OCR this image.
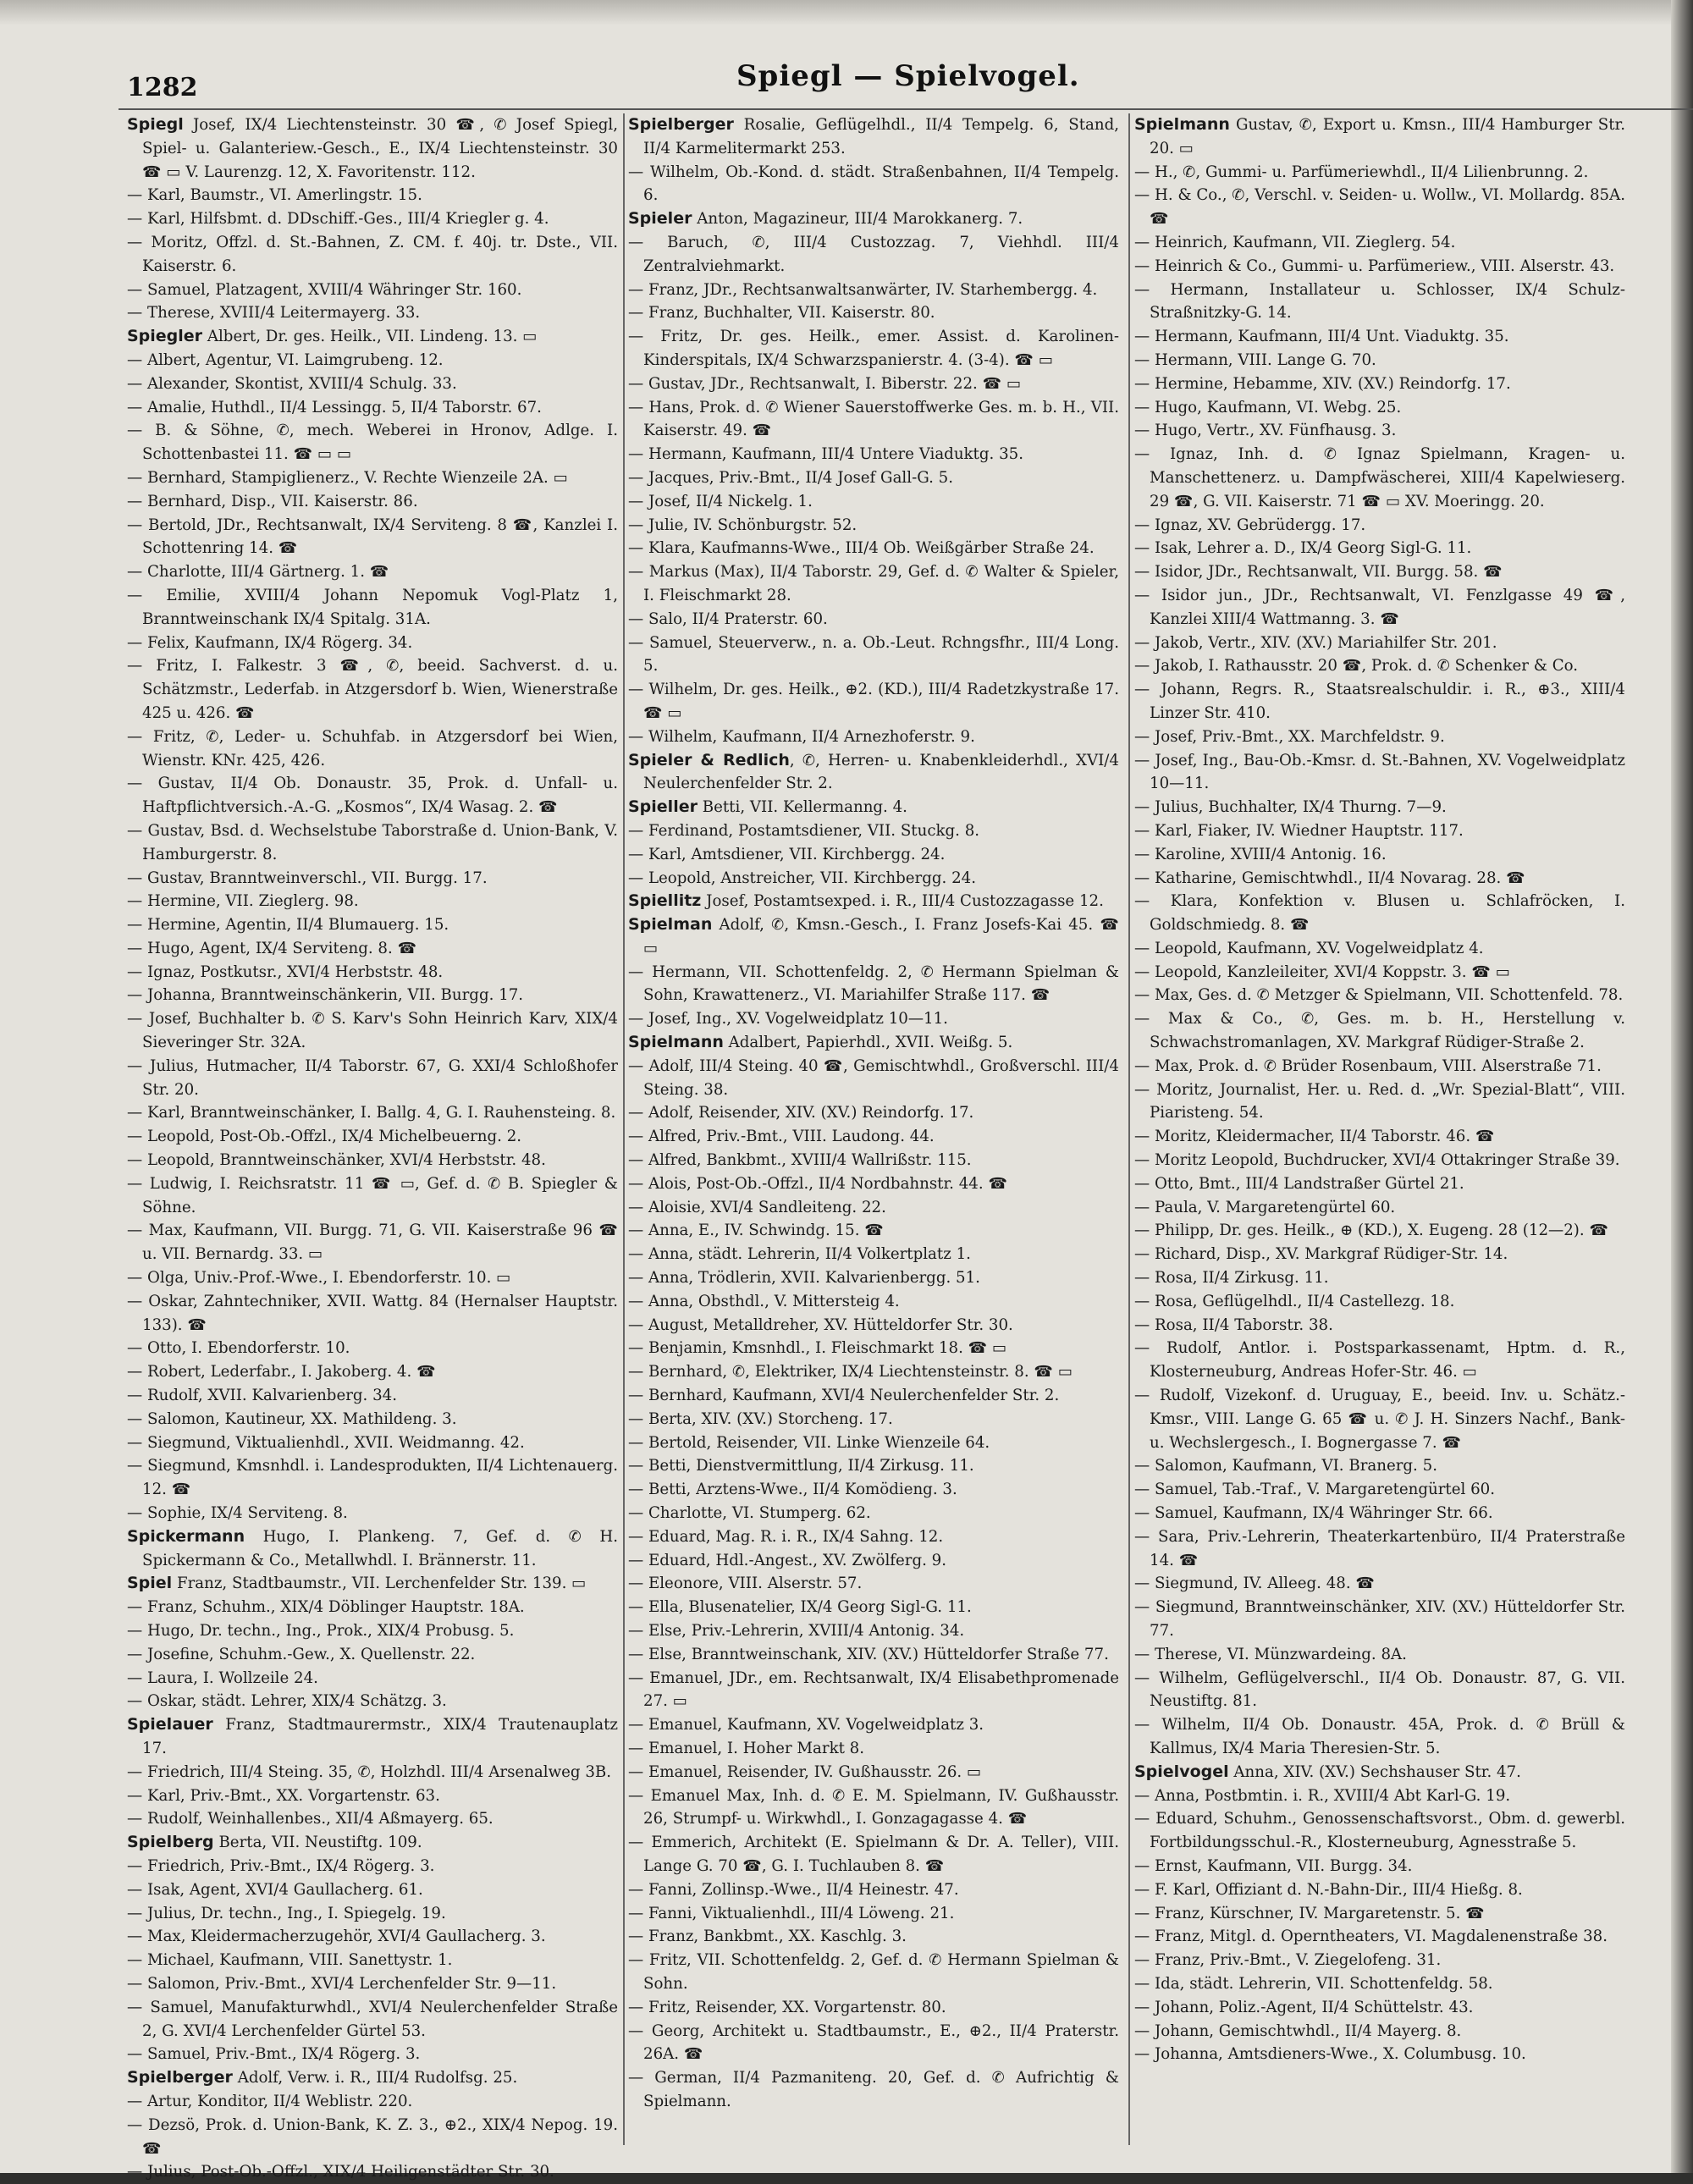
1282	Spiegl — Spielvogel.
Spiegl Josef, IX/4 Liechtensteinstr. 30 ☎, ✆ Josef Spiegl, Spiel- u. Galanteriew.-Gesch., E., IX/4 Liechtensteinstr. 30 ☎ ▭ V. Laurenzg. 12, X. Favoritenstr. 112.
— Karl, Baumstr., VI. Amerlingstr. 15.
— Karl, Hilfsbmt. d. DDschiff.-Ges., III/4 Kriegler g. 4.
— Moritz, Offzl. d. St.-Bahnen, Z. CM. f. 40j. tr. Dste., VII. Kaiserstr. 6.
— Samuel, Platzagent, XVIII/4 Währinger Str. 160.
— Therese, XVIII/4 Leitermayerg. 33.
Spiegler Albert, Dr. ges. Heilk., VII. Lindeng. 13. ▭
— Albert, Agentur, VI. Laimgrubeng. 12.
— Alexander, Skontist, XVIII/4 Schulg. 33.
— Amalie, Huthdl., II/4 Lessingg. 5, II/4 Taborstr. 67.
— B. & Söhne, ✆, mech. Weberei in Hronov, Adlge. I. Schottenbastei 11. ☎ ▭ ▭
— Bernhard, Stampiglienerz., V. Rechte Wienzeile 2A. ▭
— Bernhard, Disp., VII. Kaiserstr. 86.
— Bertold, JDr., Rechtsanwalt, IX/4 Serviteng. 8 ☎, Kanzlei I. Schottenring 14. ☎
— Charlotte, III/4 Gärtnerg. 1. ☎
— Emilie, XVIII/4 Johann Nepomuk Vogl-Platz 1, Branntweinschank IX/4 Spitalg. 31A.
— Felix, Kaufmann, IX/4 Rögerg. 34.
— Fritz, I. Falkestr. 3 ☎, ✆, beeid. Sachverst. d. u. Schätzmstr., Lederfab. in Atzgersdorf b. Wien, Wienerstraße 425 u. 426. ☎
— Fritz, ✆, Leder- u. Schuhfab. in Atzgersdorf bei Wien, Wienstr. KNr. 425, 426.
— Gustav, II/4 Ob. Donaustr. 35, Prok. d. Unfall- u. Haftpflichtversich.-A.-G. „Kosmos“, IX/4 Wasag. 2. ☎
— Gustav, Bsd. d. Wechselstube Taborstraße d. Union-Bank, V. Hamburgerstr. 8.
— Gustav, Branntweinverschl., VII. Burgg. 17.
— Hermine, VII. Zieglerg. 98.
— Hermine, Agentin, II/4 Blumauerg. 15.
— Hugo, Agent, IX/4 Serviteng. 8. ☎
— Ignaz, Postkutsr., XVI/4 Herbststr. 48.
— Johanna, Branntweinschänkerin, VII. Burgg. 17.
— Josef, Buchhalter b. ✆ S. Karv's Sohn Heinrich Karv, XIX/4 Sieveringer Str. 32A.
— Julius, Hutmacher, II/4 Taborstr. 67, G. XXI/4 Schloßhofer Str. 20.
— Karl, Branntweinschänker, I. Ballg. 4, G. I. Rauhensteing. 8.
— Leopold, Post-Ob.-Offzl., IX/4 Michelbeuerng. 2.
— Leopold, Branntweinschänker, XVI/4 Herbststr. 48.
— Ludwig, I. Reichsratstr. 11 ☎ ▭, Gef. d. ✆ B. Spiegler & Söhne.
— Max, Kaufmann, VII. Burgg. 71, G. VII. Kaiserstraße 96 ☎ u. VII. Bernardg. 33. ▭
— Olga, Univ.-Prof.-Wwe., I. Ebendorferstr. 10. ▭
— Oskar, Zahntechniker, XVII. Wattg. 84 (Hernalser Hauptstr. 133). ☎
— Otto, I. Ebendorferstr. 10.
— Robert, Lederfabr., I. Jakoberg. 4. ☎
— Rudolf, XVII. Kalvarienberg. 34.
— Salomon, Kautineur, XX. Mathildeng. 3.
— Siegmund, Viktualienhdl., XVII. Weidmanng. 42.
— Siegmund, Kmsnhdl. i. Landesprodukten, II/4 Lichtenauerg. 12. ☎
— Sophie, IX/4 Serviteng. 8.
Spickermann Hugo, I. Plankeng. 7, Gef. d. ✆ H. Spickermann & Co., Metallwhdl. I. Brännerstr. 11.
Spiel Franz, Stadtbaumstr., VII. Lerchenfelder Str. 139. ▭
— Franz, Schuhm., XIX/4 Döblinger Hauptstr. 18A.
— Hugo, Dr. techn., Ing., Prok., XIX/4 Probusg. 5.
— Josefine, Schuhm.-Gew., X. Quellenstr. 22.
— Laura, I. Wollzeile 24.
— Oskar, städt. Lehrer, XIX/4 Schätzg. 3.
Spielauer Franz, Stadtmaurermstr., XIX/4 Trautenauplatz 17.
— Friedrich, III/4 Steing. 35, ✆, Holzhdl. III/4 Arsenalweg 3B.
— Karl, Priv.-Bmt., XX. Vorgartenstr. 63.
— Rudolf, Weinhallenbes., XII/4 Aßmayerg. 65.
Spielberg Berta, VII. Neustiftg. 109.
— Friedrich, Priv.-Bmt., IX/4 Rögerg. 3.
— Isak, Agent, XVI/4 Gaullacherg. 61.
— Julius, Dr. techn., Ing., I. Spiegelg. 19.
— Max, Kleidermacherzugehör, XVI/4 Gaullacherg. 3.
— Michael, Kaufmann, VIII. Sanettystr. 1.
— Salomon, Priv.-Bmt., XVI/4 Lerchenfelder Str. 9—11.
— Samuel, Manufakturwhdl., XVI/4 Neulerchenfelder Straße 2, G. XVI/4 Lerchenfelder Gürtel 53.
— Samuel, Priv.-Bmt., IX/4 Rögerg. 3.
Spielberger Adolf, Verw. i. R., III/4 Rudolfsg. 25.
— Artur, Konditor, II/4 Weblistr. 220.
— Dezsö, Prok. d. Union-Bank, K. Z. 3., ⊕2., XIX/4 Nepog. 19. ☎
— Julius, Post-Ob.-Offzl., XIX/4 Heiligenstädter Str. 30.
Spielberger Rosalie, Geflügelhdl., II/4 Tempelg. 6, Stand, II/4 Karmelitermarkt 253.
— Wilhelm, Ob.-Kond. d. städt. Straßenbahnen, II/4 Tempelg. 6.
Spieler Anton, Magazineur, III/4 Marokkanerg. 7.
— Baruch, ✆, III/4 Custozzag. 7, Viehhdl. III/4 Zentralviehmarkt.
— Franz, JDr., Rechtsanwaltsanwärter, IV. Starhembergg. 4.
— Franz, Buchhalter, VII. Kaiserstr. 80.
— Fritz, Dr. ges. Heilk., emer. Assist. d. Karolinen-Kinderspitals, IX/4 Schwarzspanierstr. 4. (3-4). ☎ ▭
— Gustav, JDr., Rechtsanwalt, I. Biberstr. 22. ☎ ▭
— Hans, Prok. d. ✆ Wiener Sauerstoffwerke Ges. m. b. H., VII. Kaiserstr. 49. ☎
— Hermann, Kaufmann, III/4 Untere Viaduktg. 35.
— Jacques, Priv.-Bmt., II/4 Josef Gall-G. 5.
— Josef, II/4 Nickelg. 1.
— Julie, IV. Schönburgstr. 52.
— Klara, Kaufmanns-Wwe., III/4 Ob. Weißgärber Straße 24.
— Markus (Max), II/4 Taborstr. 29, Gef. d. ✆ Walter & Spieler, I. Fleischmarkt 28.
— Salo, II/4 Praterstr. 60.
— Samuel, Steuerverw., n. a. Ob.-Leut. Rchngsfhr., III/4 Long. 5.
— Wilhelm, Dr. ges. Heilk., ⊕2. (KD.), III/4 Radetzkystraße 17. ☎ ▭
— Wilhelm, Kaufmann, II/4 Arnezhoferstr. 9.
Spieler & Redlich, ✆, Herren- u. Knabenkleiderhdl., XVI/4 Neulerchenfelder Str. 2.
Spieller Betti, VII. Kellermanng. 4.
— Ferdinand, Postamtsdiener, VII. Stuckg. 8.
— Karl, Amtsdiener, VII. Kirchbergg. 24.
— Leopold, Anstreicher, VII. Kirchbergg. 24.
Spiellitz Josef, Postamtsexped. i. R., III/4 Custozzagasse 12.
Spielman Adolf, ✆, Kmsn.-Gesch., I. Franz Josefs-Kai 45. ☎ ▭
— Hermann, VII. Schottenfeldg. 2, ✆ Hermann Spielman & Sohn, Krawattenerz., VI. Mariahilfer Straße 117. ☎
— Josef, Ing., XV. Vogelweidplatz 10—11.
Spielmann Adalbert, Papierhdl., XVII. Weißg. 5.
— Adolf, III/4 Steing. 40 ☎, Gemischtwhdl., Großverschl. III/4 Steing. 38.
— Adolf, Reisender, XIV. (XV.) Reindorfg. 17.
— Alfred, Priv.-Bmt., VIII. Laudong. 44.
— Alfred, Bankbmt., XVIII/4 Wallrißstr. 115.
— Alois, Post-Ob.-Offzl., II/4 Nordbahnstr. 44. ☎
— Aloisie, XVI/4 Sandleiteng. 22.
— Anna, E., IV. Schwindg. 15. ☎
— Anna, städt. Lehrerin, II/4 Volkertplatz 1.
— Anna, Trödlerin, XVII. Kalvarienbergg. 51.
— Anna, Obsthdl., V. Mittersteig 4.
— August, Metalldreher, XV. Hütteldorfer Str. 30.
— Benjamin, Kmsnhdl., I. Fleischmarkt 18. ☎ ▭
— Bernhard, ✆, Elektriker, IX/4 Liechtensteinstr. 8. ☎ ▭
— Bernhard, Kaufmann, XVI/4 Neulerchenfelder Str. 2.
— Berta, XIV. (XV.) Storcheng. 17.
— Bertold, Reisender, VII. Linke Wienzeile 64.
— Betti, Dienstvermittlung, II/4 Zirkusg. 11.
— Betti, Arztens-Wwe., II/4 Komödieng. 3.
— Charlotte, VI. Stumperg. 62.
— Eduard, Mag. R. i. R., IX/4 Sahng. 12.
— Eduard, Hdl.-Angest., XV. Zwölferg. 9.
— Eleonore, VIII. Alserstr. 57.
— Ella, Blusenatelier, IX/4 Georg Sigl-G. 11.
— Else, Priv.-Lehrerin, XVIII/4 Antonig. 34.
— Else, Branntweinschank, XIV. (XV.) Hütteldorfer Straße 77.
— Emanuel, JDr., em. Rechtsanwalt, IX/4 Elisabethpromenade 27. ▭
— Emanuel, Kaufmann, XV. Vogelweidplatz 3.
— Emanuel, I. Hoher Markt 8.
— Emanuel, Reisender, IV. Gußhausstr. 26. ▭
— Emanuel Max, Inh. d. ✆ E. M. Spielmann, IV. Gußhausstr. 26, Strumpf- u. Wirkwhdl., I. Gonzagagasse 4. ☎
— Emmerich, Architekt (E. Spielmann & Dr. A. Teller), VIII. Lange G. 70 ☎, G. I. Tuchlauben 8. ☎
— Fanni, Zollinsp.-Wwe., II/4 Heinestr. 47.
— Fanni, Viktualienhdl., III/4 Löweng. 21.
— Franz, Bankbmt., XX. Kaschlg. 3.
— Fritz, VII. Schottenfeldg. 2, Gef. d. ✆ Hermann Spielman & Sohn.
— Fritz, Reisender, XX. Vorgartenstr. 80.
— Georg, Architekt u. Stadtbaumstr., E., ⊕2., II/4 Praterstr. 26A. ☎
— German, II/4 Pazmaniteng. 20, Gef. d. ✆ Aufrichtig & Spielmann.
Spielmann Gustav, ✆, Export u. Kmsn., III/4 Hamburger Str. 20. ▭
— H., ✆, Gummi- u. Parfümeriewhdl., II/4 Lilienbrunng. 2.
— H. & Co., ✆, Verschl. v. Seiden- u. Wollw., VI. Mollardg. 85A. ☎
— Heinrich, Kaufmann, VII. Zieglerg. 54.
— Heinrich & Co., Gummi- u. Parfümeriew., VIII. Alserstr. 43.
— Hermann, Installateur u. Schlosser, IX/4 Schulz-Straßnitzky-G. 14.
— Hermann, Kaufmann, III/4 Unt. Viaduktg. 35.
— Hermann, VIII. Lange G. 70.
— Hermine, Hebamme, XIV. (XV.) Reindorfg. 17.
— Hugo, Kaufmann, VI. Webg. 25.
— Hugo, Vertr., XV. Fünfhausg. 3.
— Ignaz, Inh. d. ✆ Ignaz Spielmann, Kragen- u. Manschettenerz. u. Dampfwäscherei, XIII/4 Kapelwieserg. 29 ☎, G. VII. Kaiserstr. 71 ☎ ▭ XV. Moeringg. 20.
— Ignaz, XV. Gebrüdergg. 17.
— Isak, Lehrer a. D., IX/4 Georg Sigl-G. 11.
— Isidor, JDr., Rechtsanwalt, VII. Burgg. 58. ☎
— Isidor jun., JDr., Rechtsanwalt, VI. Fenzlgasse 49 ☎, Kanzlei XIII/4 Wattmanng. 3. ☎
— Jakob, Vertr., XIV. (XV.) Mariahilfer Str. 201.
— Jakob, I. Rathausstr. 20 ☎, Prok. d. ✆ Schenker & Co.
— Johann, Regrs. R., Staatsrealschuldir. i. R., ⊕3., XIII/4 Linzer Str. 410.
— Josef, Priv.-Bmt., XX. Marchfeldstr. 9.
— Josef, Ing., Bau-Ob.-Kmsr. d. St.-Bahnen, XV. Vogelweidplatz 10—11.
— Julius, Buchhalter, IX/4 Thurng. 7—9.
— Karl, Fiaker, IV. Wiedner Hauptstr. 117.
— Karoline, XVIII/4 Antonig. 16.
— Katharine, Gemischtwhdl., II/4 Novarag. 28. ☎
— Klara, Konfektion v. Blusen u. Schlafröcken, I. Goldschmiedg. 8. ☎
— Leopold, Kaufmann, XV. Vogelweidplatz 4.
— Leopold, Kanzleileiter, XVI/4 Koppstr. 3. ☎ ▭
— Max, Ges. d. ✆ Metzger & Spielmann, VII. Schottenfeld. 78.
— Max & Co., ✆, Ges. m. b. H., Herstellung v. Schwachstromanlagen, XV. Markgraf Rüdiger-Straße 2.
— Max, Prok. d. ✆ Brüder Rosenbaum, VIII. Alserstraße 71.
— Moritz, Journalist, Her. u. Red. d. „Wr. Spezial-Blatt“, VIII. Piaristeng. 54.
— Moritz, Kleidermacher, II/4 Taborstr. 46. ☎
— Moritz Leopold, Buchdrucker, XVI/4 Ottakringer Straße 39.
— Otto, Bmt., III/4 Landstraßer Gürtel 21.
— Paula, V. Margaretengürtel 60.
— Philipp, Dr. ges. Heilk., ⊕ (KD.), X. Eugeng. 28 (12—2). ☎
— Richard, Disp., XV. Markgraf Rüdiger-Str. 14.
— Rosa, II/4 Zirkusg. 11.
— Rosa, Geflügelhdl., II/4 Castellezg. 18.
— Rosa, II/4 Taborstr. 38.
— Rudolf, Antlor. i. Postsparkassenamt, Hptm. d. R., Klosterneuburg, Andreas Hofer-Str. 46. ▭
— Rudolf, Vizekonf. d. Uruguay, E., beeid. Inv. u. Schätz.-Kmsr., VIII. Lange G. 65 ☎ u. ✆ J. H. Sinzers Nachf., Bank- u. Wechslergesch., I. Bognergasse 7. ☎
— Salomon, Kaufmann, VI. Branerg. 5.
— Samuel, Tab.-Traf., V. Margaretengürtel 60.
— Samuel, Kaufmann, IX/4 Währinger Str. 66.
— Sara, Priv.-Lehrerin, Theaterkartenbüro, II/4 Praterstraße 14. ☎
— Siegmund, IV. Alleeg. 48. ☎
— Siegmund, Branntweinschänker, XIV. (XV.) Hütteldorfer Str. 77.
— Therese, VI. Münzwardeing. 8A.
— Wilhelm, Geflügelverschl., II/4 Ob. Donaustr. 87, G. VII. Neustiftg. 81.
— Wilhelm, II/4 Ob. Donaustr. 45A, Prok. d. ✆ Brüll & Kallmus, IX/4 Maria Theresien-Str. 5.
Spielvogel Anna, XIV. (XV.) Sechshauser Str. 47.
— Anna, Postbmtin. i. R., XVIII/4 Abt Karl-G. 19.
— Eduard, Schuhm., Genossenschaftsvorst., Obm. d. gewerbl. Fortbildungsschul.-R., Klosterneuburg, Agnesstraße 5.
— Ernst, Kaufmann, VII. Burgg. 34.
— F. Karl, Offiziant d. N.-Bahn-Dir., III/4 Hießg. 8.
— Franz, Kürschner, IV. Margaretenstr. 5. ☎
— Franz, Mitgl. d. Operntheaters, VI. Magdalenenstraße 38.
— Franz, Priv.-Bmt., V. Ziegelofeng. 31.
— Ida, städt. Lehrerin, VII. Schottenfeldg. 58.
— Johann, Poliz.-Agent, II/4 Schüttelstr. 43.
— Johann, Gemischtwhdl., II/4 Mayerg. 8.
— Johanna, Amtsdieners-Wwe., X. Columbusg. 10.
